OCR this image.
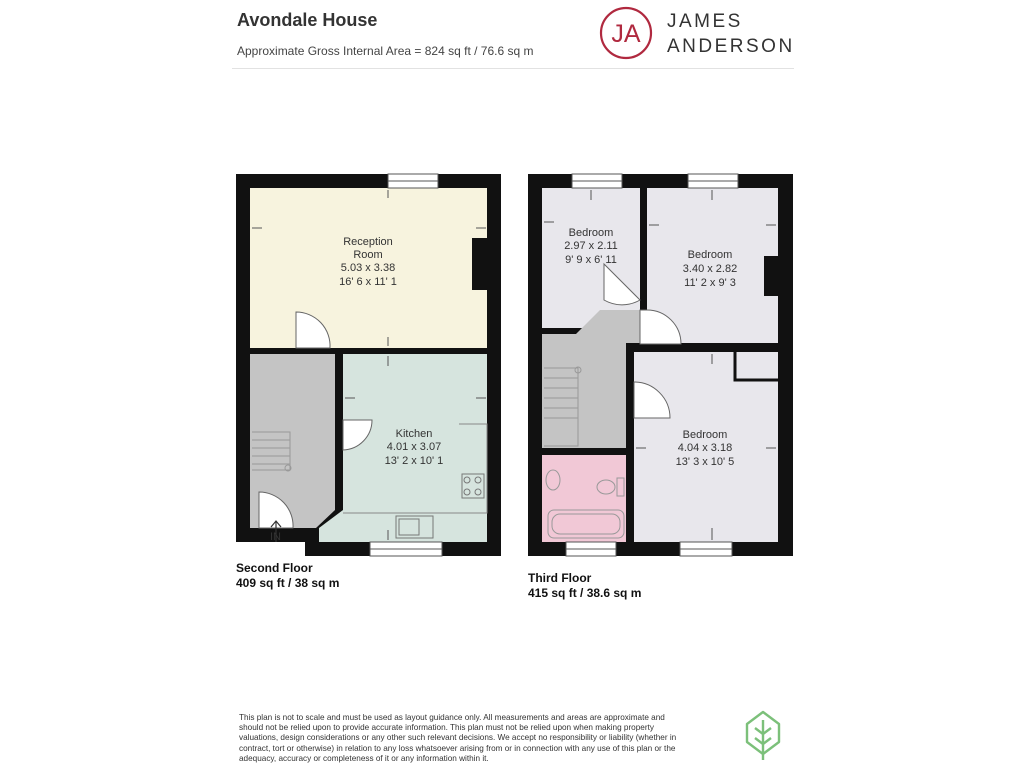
Avondale House
Approximate Gross Internal Area = 824 sq ft / 76.6 sq m
JA JAMES
ANDERSON
Reception
Room
5.03 x 3.38
16' 6 x 11' 1
Kitchen
4.01 x 3.07
13' 2 x 10' 1
IN
Bedroom
2.97 x 2.11
9' 9 x 6' 11	Bedroom
3.40 x 2.82
11' 2 x 9' 3
Bedroom
4.04 x 3.18
13' 3 x 10' 5
Second Floor
409 sq ft / 38 sq m	Third Floor
415 sq ft / 38.6 sq m
This plan is not to scale and must be used as layout guidance only. All measurements and areas are approximate and should not be relied upon to provide accurate information. This plan must not be relied upon when making property valuations, design considerations or any other such relevant decisions. We accept no responsibility or liability (whether in contract, tort or otherwise) in relation to any loss whatsoever arising from or in connection with any use of this plan or the adequacy, accuracy or completeness of it or any information within it.
